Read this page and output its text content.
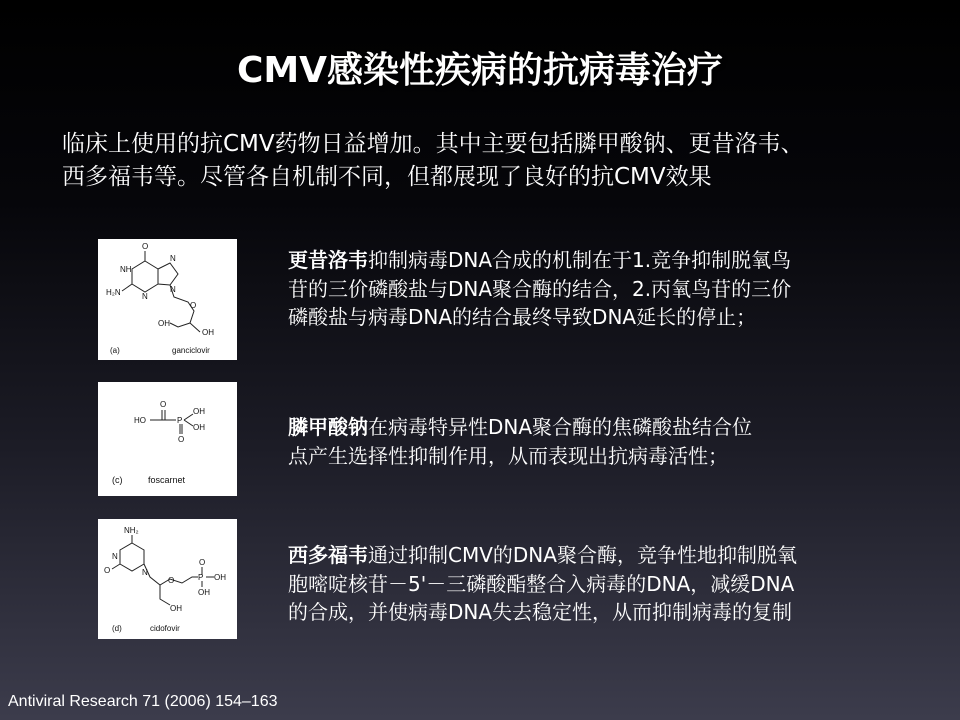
CMV感染性疾病的抗病毒治疗
临床上使用的抗CMV药物日益增加。其中主要包括膦甲酸钠、更昔洛韦、
西多福韦等。尽管各自机制不同，但都展现了良好的抗CMV效果
O
NH
N
N
N
H₂N
O
OH
OH
(a)	ganciclovir
HO
O
P
OH
OH
O
(c)	foscarnet
NH₂
N
N
O
O	P
O
OH
OH
OH
(d)	cidofovir
更昔洛韦抑制病毒DNA合成的机制在于1.竞争抑制脱氧鸟
苷的三价磷酸盐与DNA聚合酶的结合，2.丙氧鸟苷的三价
磷酸盐与病毒DNA的结合最终导致DNA延长的停止；
膦甲酸钠在病毒特异性DNA聚合酶的焦磷酸盐结合位
点产生选择性抑制作用，从而表现出抗病毒活性；
西多福韦通过抑制CMV的DNA聚合酶，竞争性地抑制脱氧
胞嘧啶核苷－5'－三磷酸酯整合入病毒的DNA，减缓DNA
的合成，并使病毒DNA失去稳定性，从而抑制病毒的复制
Antiviral Research 71 (2006) 154–163
